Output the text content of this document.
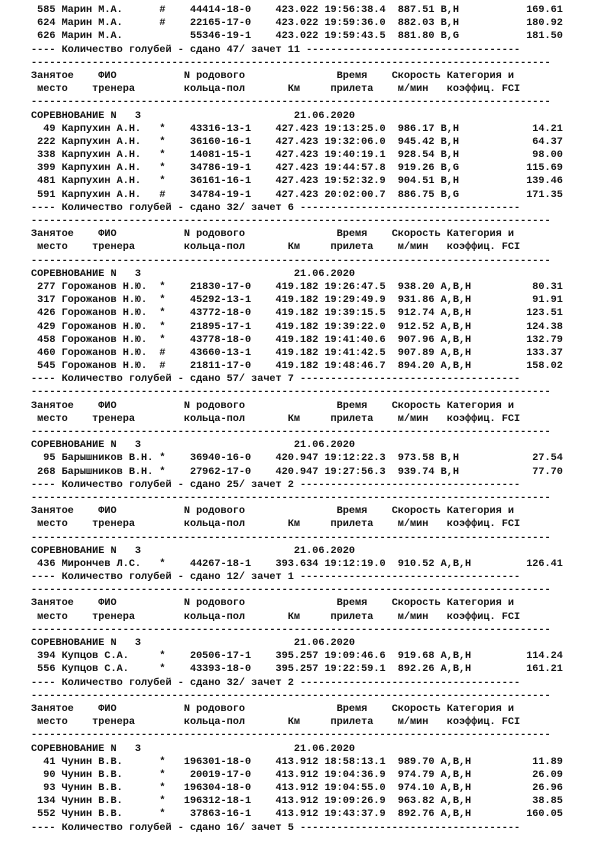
585 Марин М.А.      #    44414-18-0    423.022 19:56:38.4  887.51 B,H           169.61
624 Марин М.А.      #    22165-17-0    423.022 19:59:36.0  882.03 B,H           180.92
626 Марин М.А.           55346-19-1    423.022 19:59:43.5  881.80 B,G           181.50
---- Количество голубей - сдано 47/ зачет 11 -----------------------------------
-------------------------------------------------------------------------------------
Занятое    ФИО           N родового               Время    Скорость Категория и
место    тренера        кольца-пол       Км     прилета    м/мин   коэффиц. FCI
-------------------------------------------------------------------------------------
СОРЕВНОВАНИЕ N   3                         21.06.2020
49 Карпухин А.Н.   *    43316-13-1    427.423 19:13:25.0  986.17 B,H            14.21
222 Карпухин А.Н.   *    36160-16-1    427.423 19:32:06.0  945.42 B,H            64.37
338 Карпухин А.Н.   *    14081-15-1    427.423 19:40:19.1  928.54 B,H            98.00
399 Карпухин А.Н.   *    34786-19-1    427.423 19:44:57.8  919.26 B,G           115.69
481 Карпухин А.Н.   *    36161-16-1    427.423 19:52:32.9  904.51 B,H           139.46
591 Карпухин А.Н.   #    34784-19-1    427.423 20:02:00.7  886.75 B,G           171.35
---- Количество голубей - сдано 32/ зачет 6 ------------------------------------
-------------------------------------------------------------------------------------
Занятое    ФИО           N родового               Время    Скорость Категория и
место    тренера        кольца-пол       Км     прилета    м/мин   коэффиц. FCI
-------------------------------------------------------------------------------------
СОРЕВНОВАНИЕ N   3                         21.06.2020
277 Горожанов Н.Ю.  *    21830-17-0    419.182 19:26:47.5  938.20 A,B,H          80.31
317 Горожанов Н.Ю.  *    45292-13-1    419.182 19:29:49.9  931.86 A,B,H          91.91
426 Горожанов Н.Ю.  *    43772-18-0    419.182 19:39:15.5  912.74 A,B,H         123.51
429 Горожанов Н.Ю.  *    21895-17-1    419.182 19:39:22.0  912.52 A,B,H         124.38
458 Горожанов Н.Ю.  *    43778-18-0    419.182 19:41:40.6  907.96 A,B,H         132.79
460 Горожанов Н.Ю.  #    43660-13-1    419.182 19:41:42.5  907.89 A,B,H         133.37
545 Горожанов Н.Ю.  #    21811-17-0    419.182 19:48:46.7  894.20 A,B,H         158.02
---- Количество голубей - сдано 57/ зачет 7 ------------------------------------
-------------------------------------------------------------------------------------
Занятое    ФИО           N родового               Время    Скорость Категория и
место    тренера        кольца-пол       Км     прилета    м/мин   коэффиц. FCI
-------------------------------------------------------------------------------------
СОРЕВНОВАНИЕ N   3                         21.06.2020
95 Барышников В.Н. *    36940-16-0    420.947 19:12:22.3  973.58 B,H            27.54
268 Барышников В.Н. *    27962-17-0    420.947 19:27:56.3  939.74 B,H            77.70
---- Количество голубей - сдано 25/ зачет 2 ------------------------------------
-------------------------------------------------------------------------------------
Занятое    ФИО           N родового               Время    Скорость Категория и
место    тренера        кольца-пол       Км     прилета    м/мин   коэффиц. FCI
-------------------------------------------------------------------------------------
СОРЕВНОВАНИЕ N   3                         21.06.2020
436 Мирончев Л.С.   *    44267-18-1    393.634 19:12:19.0  910.52 A,B,H         126.41
---- Количество голубей - сдано 12/ зачет 1 ------------------------------------
-------------------------------------------------------------------------------------
Занятое    ФИО           N родового               Время    Скорость Категория и
место    тренера        кольца-пол       Км     прилета    м/мин   коэффиц. FCI
-------------------------------------------------------------------------------------
СОРЕВНОВАНИЕ N   3                         21.06.2020
394 Купцов С.А.     *    20506-17-1    395.257 19:09:46.6  919.68 A,B,H         114.24
556 Купцов С.А.     *    43393-18-0    395.257 19:22:59.1  892.26 A,B,H         161.21
---- Количество голубей - сдано 32/ зачет 2 ------------------------------------
-------------------------------------------------------------------------------------
Занятое    ФИО           N родового               Время    Скорость Категория и
место    тренера        кольца-пол       Км     прилета    м/мин   коэффиц. FCI
-------------------------------------------------------------------------------------
СОРЕВНОВАНИЕ N   3                         21.06.2020
41 Чунин В.В.      *   196301-18-0    413.912 18:58:13.1  989.70 A,B,H          11.89
90 Чунин В.В.      *    20019-17-0    413.912 19:04:36.9  974.79 A,B,H          26.09
93 Чунин В.В.      *   196304-18-0    413.912 19:04:55.0  974.10 A,B,H          26.96
134 Чунин В.В.      *   196312-18-1    413.912 19:09:26.9  963.82 A,B,H          38.85
552 Чунин В.В.      *    37863-16-1    413.912 19:43:37.9  892.76 A,B,H         160.05
---- Количество голубей - сдано 16/ зачет 5 ------------------------------------
